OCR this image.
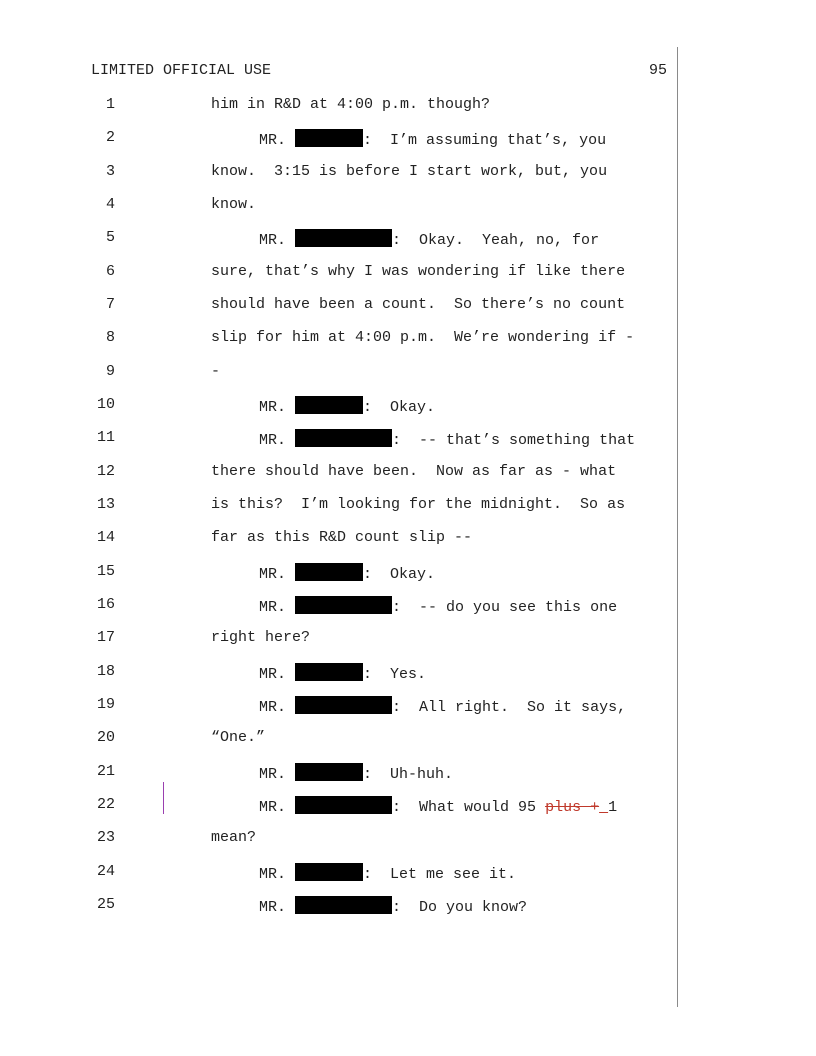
LIMITED OFFICIAL USE	95
1	him in R&D at 4:00 p.m. though?
2	MR.	:  I’m assuming that’s, you
3	know.  3:15 is before I start work, but, you
4	know.
5	MR.	:  Okay.  Yeah, no, for
6	sure, that’s why I was wondering if like there
7	should have been a count.  So there’s no count
8	slip for him at 4:00 p.m.  We’re wondering if -
9	-
10	MR.	:  Okay.
11	MR.	:  -- that’s something that
12	there should have been.  Now as far as - what
13	is this?  I’m looking for the midnight.  So as
14	far as this R&D count slip --
15	MR.	:  Okay.
16	MR.	:  -- do you see this one
17	right here?
18	MR.	:  Yes.
19	MR.	:  All right.  So it says,
20	“One.”
21	MR.	:  Uh-huh.
22	MR.	:  What would 95 plus + 1
23	mean?
24	MR.	:  Let me see it.
25	MR.	:  Do you know?
